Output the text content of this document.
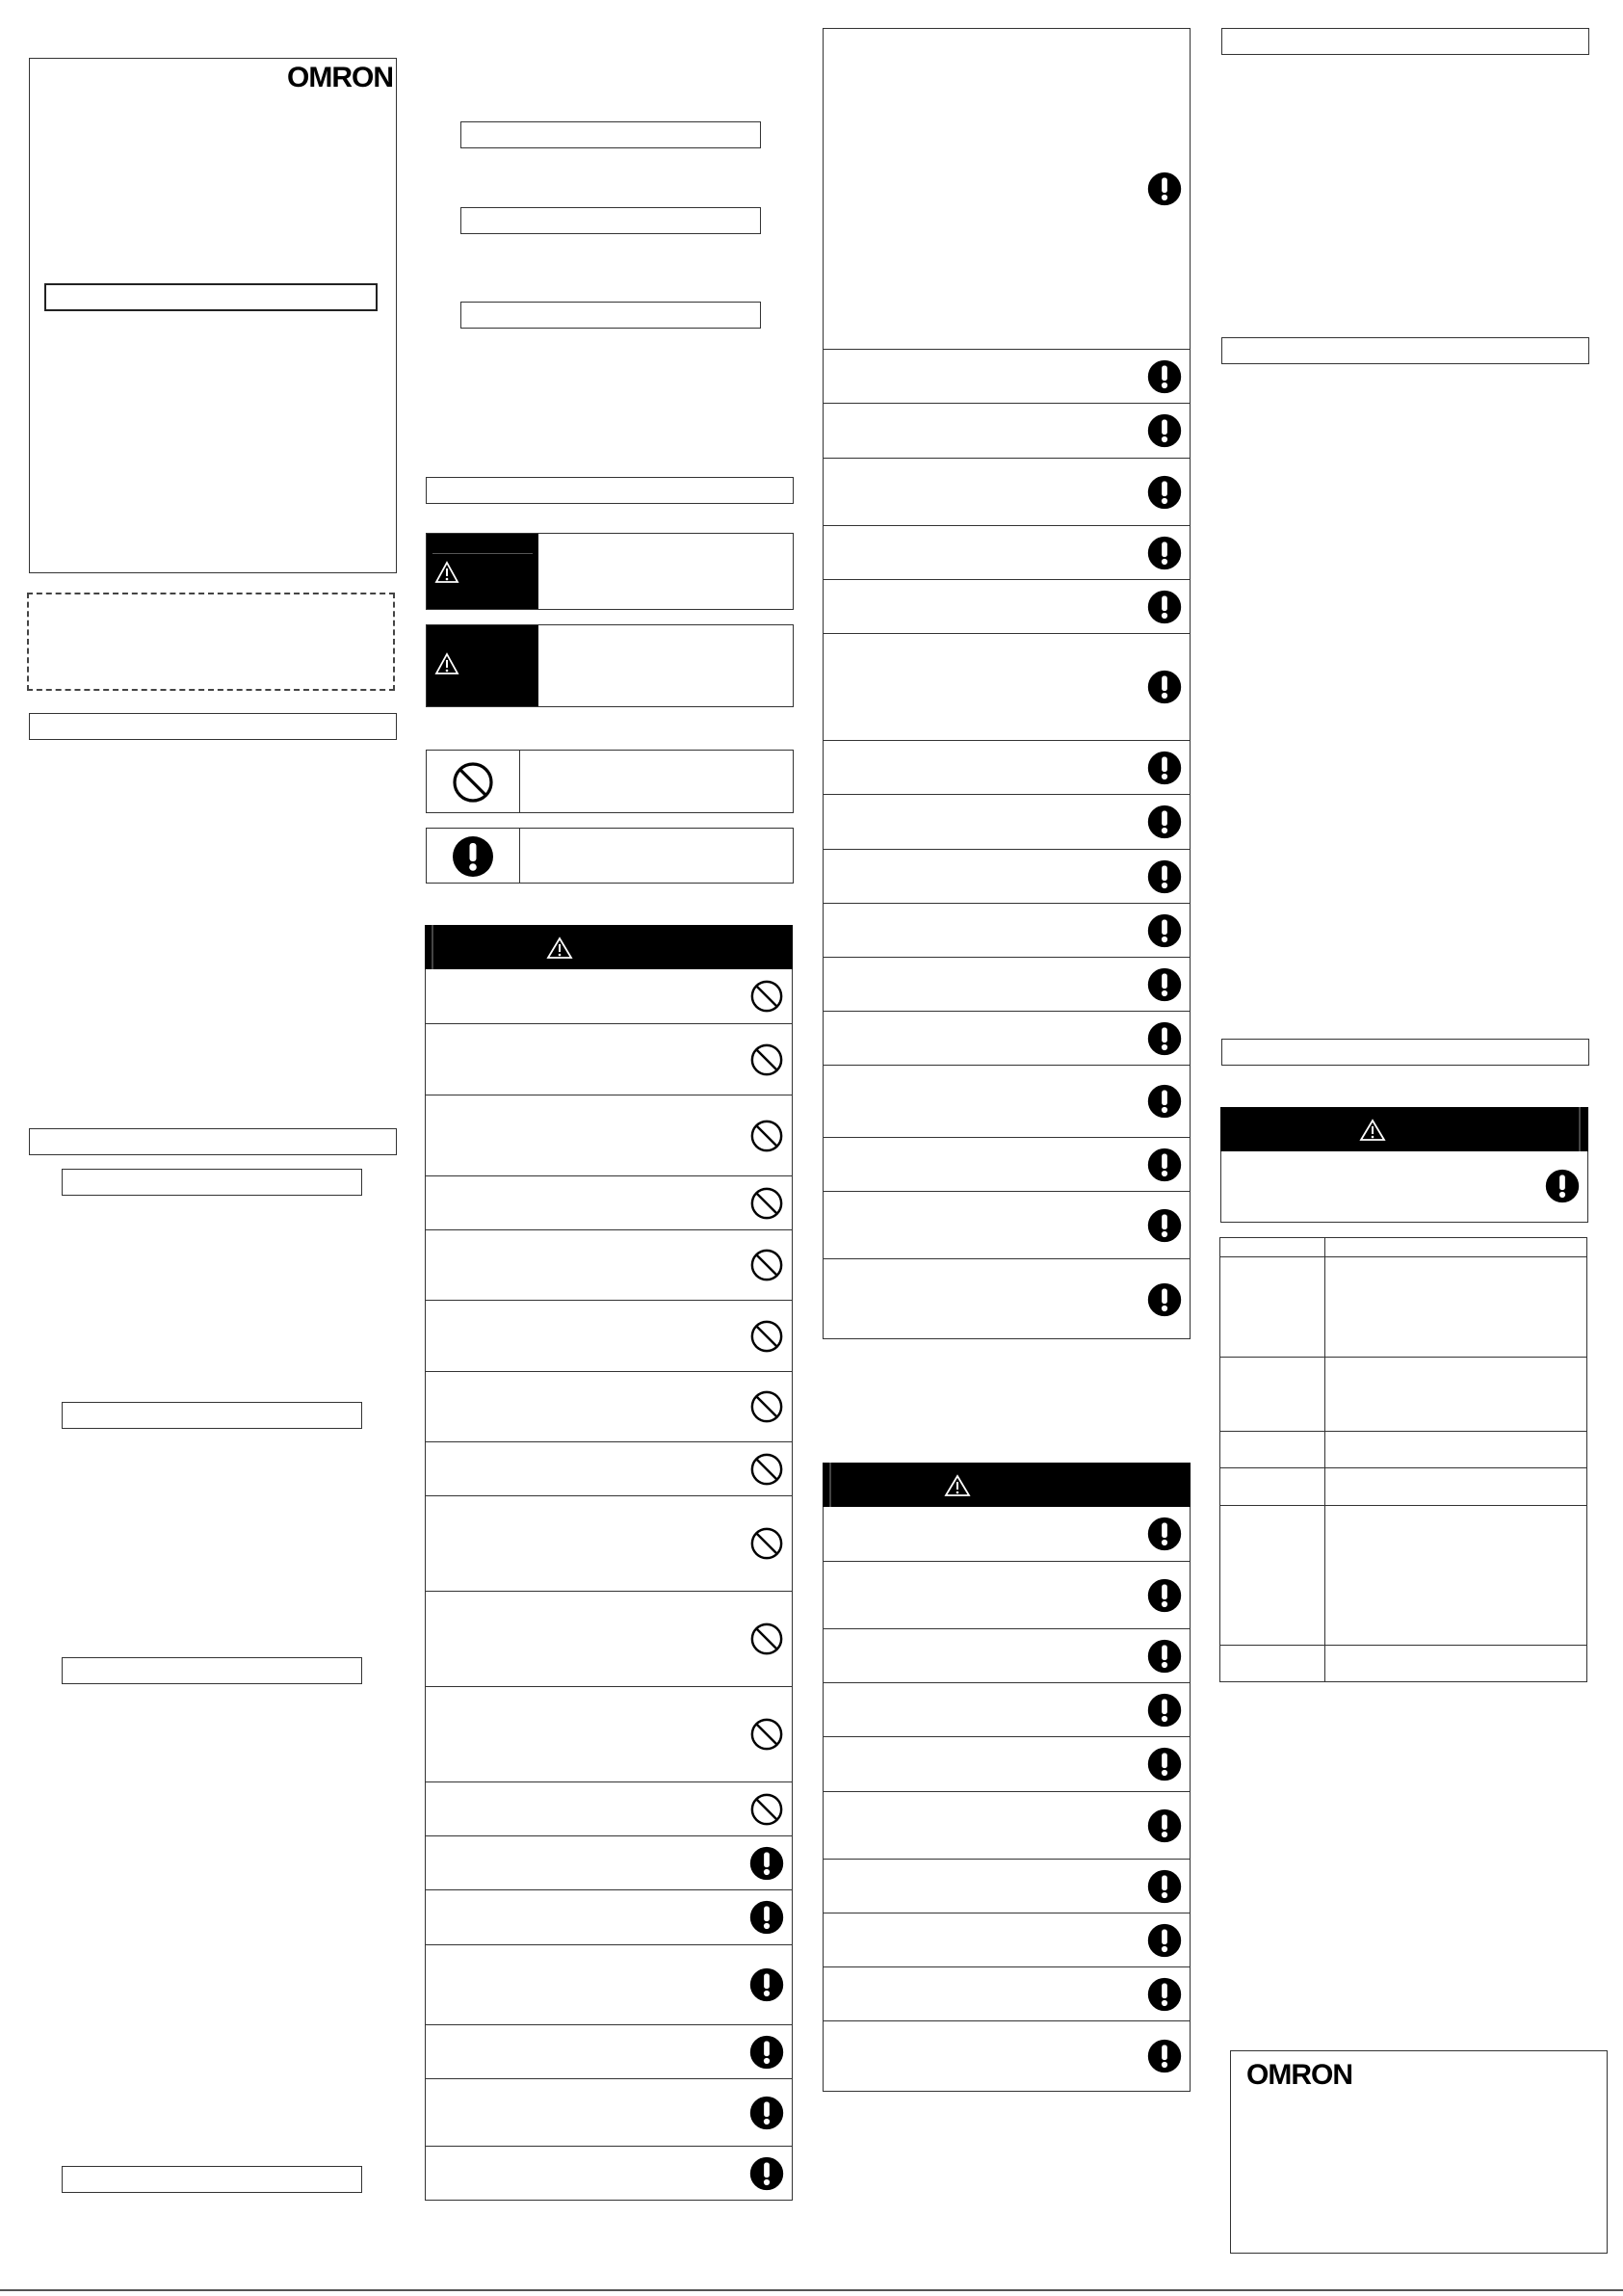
OMRON
OMRON
